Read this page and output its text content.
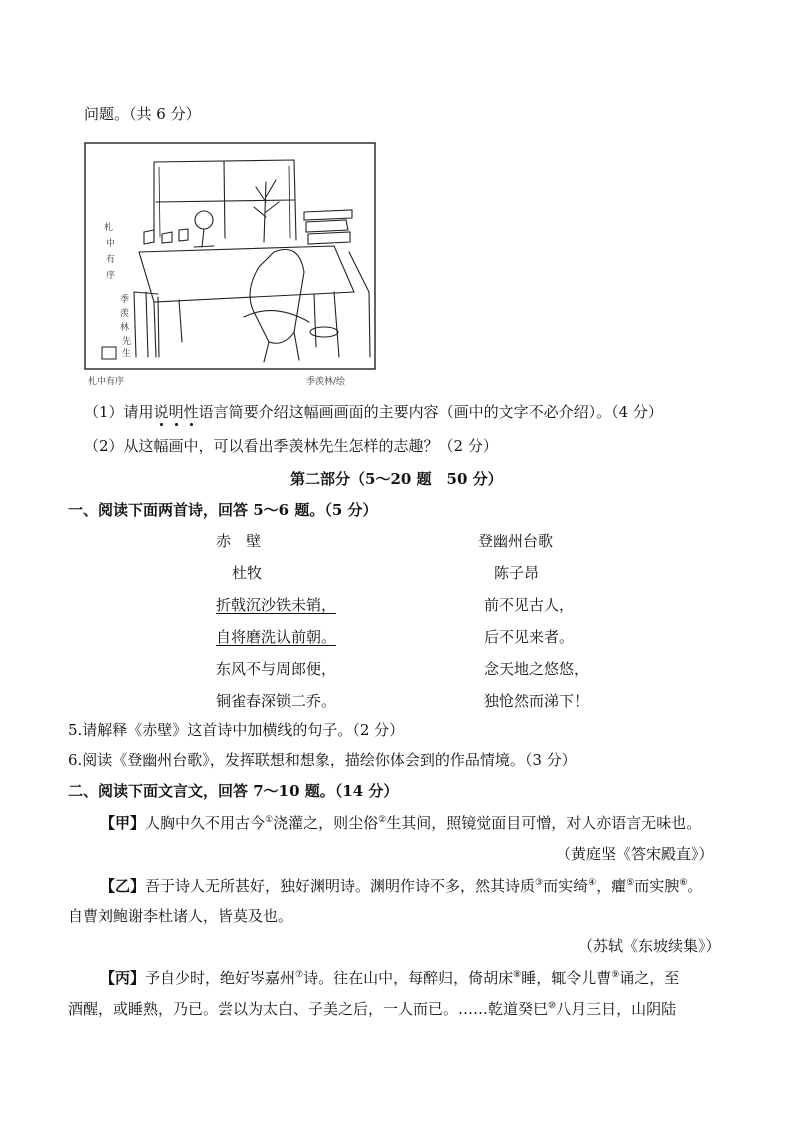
问题。（共 6 分）
札
中
有
序
季
羡
林
先
生
札中有序	季羡林/绘
（1）请用说明性语言简要介绍这幅画画面的主要内容（画中的文字不必介绍）。（4 分）
（2）从这幅画中，可以看出季羡林先生怎样的志趣？（2 分）
第二部分（5～20 题　50 分）
一、阅读下面两首诗，回答 5～6 题。（5 分）
赤　壁
杜牧
折戟沉沙铁未销，
自将磨洗认前朝。
东风不与周郎便，
铜雀春深锁二乔。
登幽州台歌
陈子昂
前不见古人，
后不见来者。
念天地之悠悠，
独怆然而涕下！
5.请解释《赤壁》这首诗中加横线的句子。（2 分）
6.阅读《登幽州台歌》，发挥联想和想象，描绘你体会到的作品情境。（3 分）
二、阅读下面文言文，回答 7～10 题。（14 分）
【甲】人胸中久不用古今①浇灌之，则尘俗②生其间，照镜觉面目可憎，对人亦语言无味也。
（黄庭坚《答宋殿直》）
【乙】吾于诗人无所甚好，独好渊明诗。渊明作诗不多，然其诗质③而实绮④，癯⑤而实腴⑥。
自曹刘鲍谢李杜诸人，皆莫及也。
（苏轼《东坡续集》）
【丙】予自少时，绝好岑嘉州⑦诗。往在山中，每醉归，倚胡床⑧睡，辄令儿曹⑨诵之，至
酒醒，或睡熟，乃已。尝以为太白、子美之后，一人而已。……乾道癸巳⑩八月三日，山阴陆
